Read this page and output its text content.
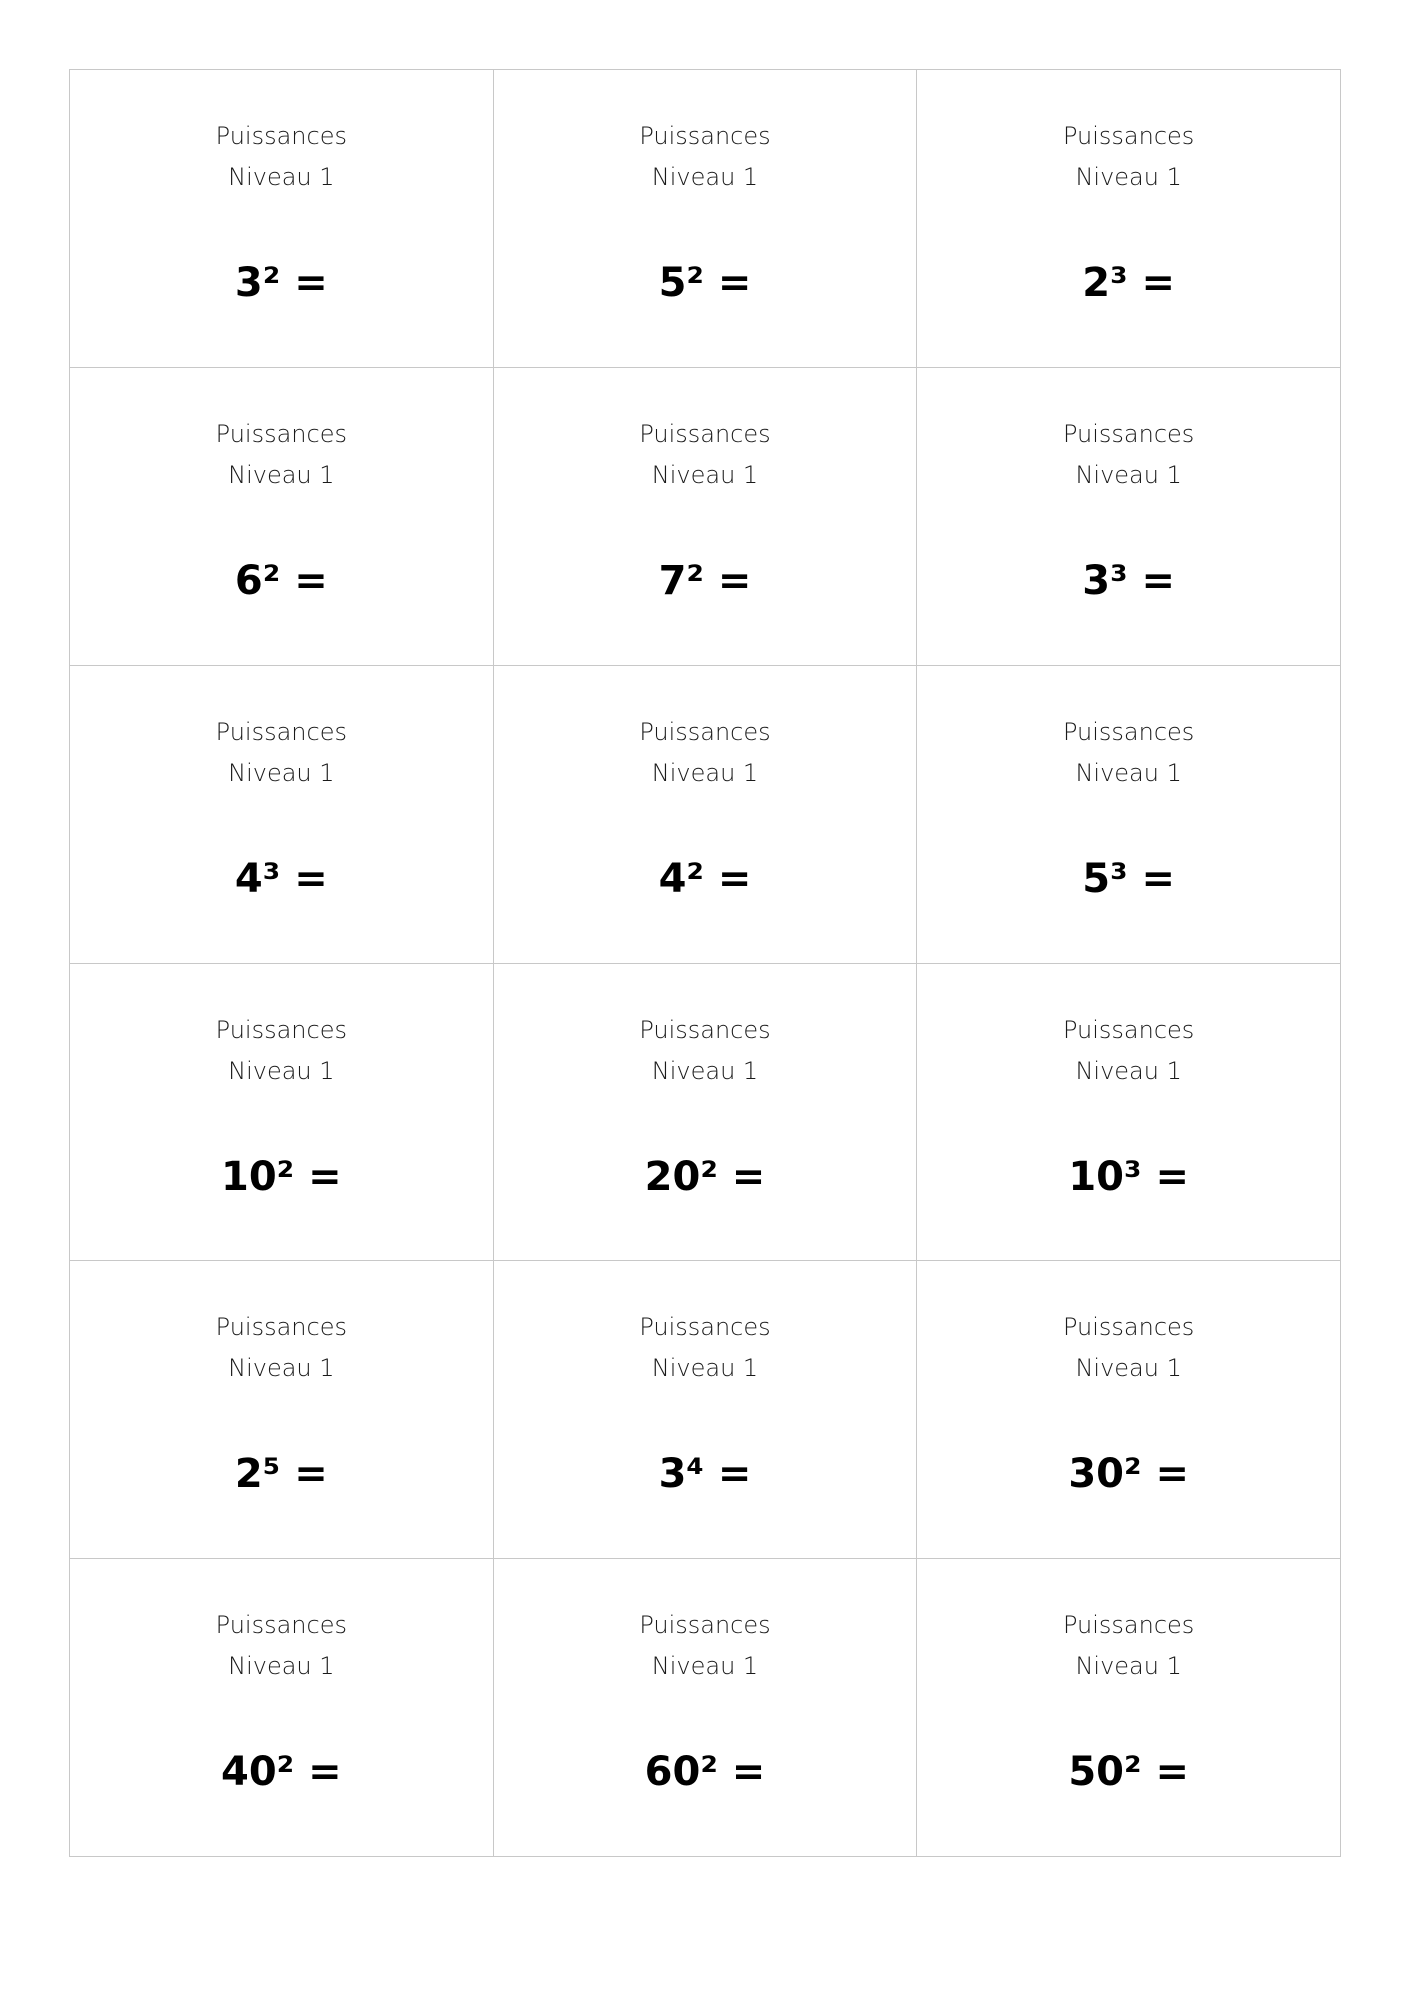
Puissances
Niveau 1
3² =
Puissances
Niveau 1
5² =
Puissances
Niveau 1
2³ =
Puissances
Niveau 1
6² =
Puissances
Niveau 1
7² =
Puissances
Niveau 1
3³ =
Puissances
Niveau 1
4³ =
Puissances
Niveau 1
4² =
Puissances
Niveau 1
5³ =
Puissances
Niveau 1
10² =
Puissances
Niveau 1
20² =
Puissances
Niveau 1
10³ =
Puissances
Niveau 1
2⁵ =
Puissances
Niveau 1
3⁴ =
Puissances
Niveau 1
30² =
Puissances
Niveau 1
40² =
Puissances
Niveau 1
60² =
Puissances
Niveau 1
50² =
